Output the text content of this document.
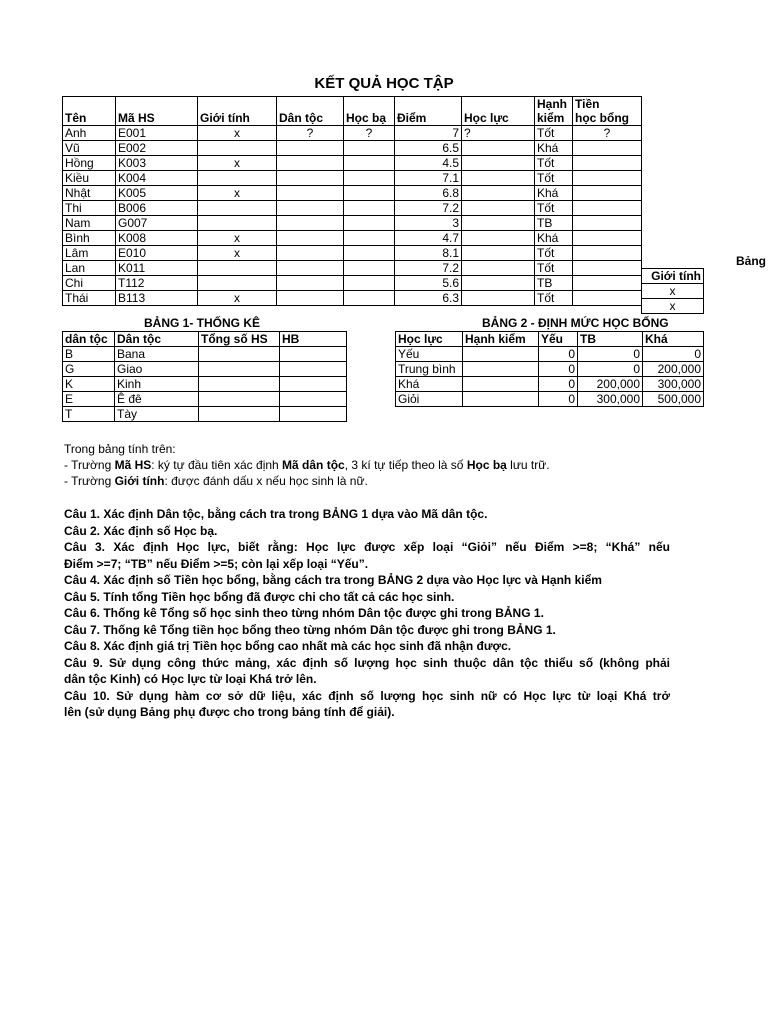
KẾT QUẢ HỌC TẬP
							Hạnh	Tiền
Tên	Mã HS	Giới tính	Dân tộc	Học bạ	Điểm	Học lực	kiểm	học bổng
Anh	E001	x	?	?	7	?	Tốt	?
Vũ	E002				6.5		Khá	
Hồng	K003	x			4.5		Tốt	
Kiều	K004				7.1		Tốt	
Nhật	K005	x			6.8		Khá	
Thi	B006				7.2		Tốt	
Nam	G007				3		TB	
Bình	K008	x			4.7		Khá	
Lâm	E010	x			8.1		Tốt	
Lan	K011				7.2		Tốt	
Chi	T112				5.6		TB	
Thái	B113	x			6.3		Tốt	
Bảng
Giới tính
x
x
BẢNG 1- THỐNG KÊ
dân tộc	Dân tộc	Tổng số HS	HB
B	Bana		
G	Giao		
K	Kinh		
E	Ê đê		
T	Tày		
BẢNG 2 - ĐỊNH MỨC HỌC BỔNG
Học lực	Hạnh kiểm	Yếu	TB	Khá
Yếu		0	0	0
Trung bình		0	0	200,000
Khá		0	200,000	300,000
Giỏi		0	300,000	500,000
Trong bảng tính trên:
- Trường Mã HS: ký tự đầu tiên xác định Mã dân tộc, 3 kí tự tiếp theo là số Học bạ lưu trữ.
- Trường Giới tính: được đánh dấu x nếu học sinh là nữ.
Câu 1. Xác định Dân tộc, bằng cách tra trong BẢNG 1 dựa vào Mã dân tộc.
Câu 2. Xác định số Học bạ.
Câu 3. Xác định Học lực, biết rằng: Học lực được xếp loại “Giỏi” nếu Điểm >=8; “Khá” nếu
Điểm >=7; “TB” nếu Điểm >=5; còn lại xếp loại “Yếu”.
Câu 4. Xác định số Tiền học bổng, bằng cách tra trong BẢNG 2 dựa vào Học lực và Hạnh kiểm
Câu 5. Tính tổng Tiền học bổng đã được chi cho tất cả các học sinh.
Câu 6. Thống kê Tổng số học sinh theo từng nhóm Dân tộc được ghi trong BẢNG 1.
Câu 7. Thống kê Tổng tiền học bổng theo từng nhóm Dân tộc được ghi trong BẢNG 1.
Câu 8. Xác định giá trị Tiền học bổng cao nhất mà các học sinh đã nhận được.
Câu 9. Sử dụng công thức mảng, xác định số lượng học sinh thuộc dân tộc thiểu số (không phải
dân tộc Kinh) có Học lực từ loại Khá trở lên.
Câu 10. Sử dụng hàm cơ sở dữ liệu, xác định số lượng học sinh nữ có Học lực từ loại Khá trở
lên (sử dụng Bảng phụ được cho trong bảng tính để giải).
